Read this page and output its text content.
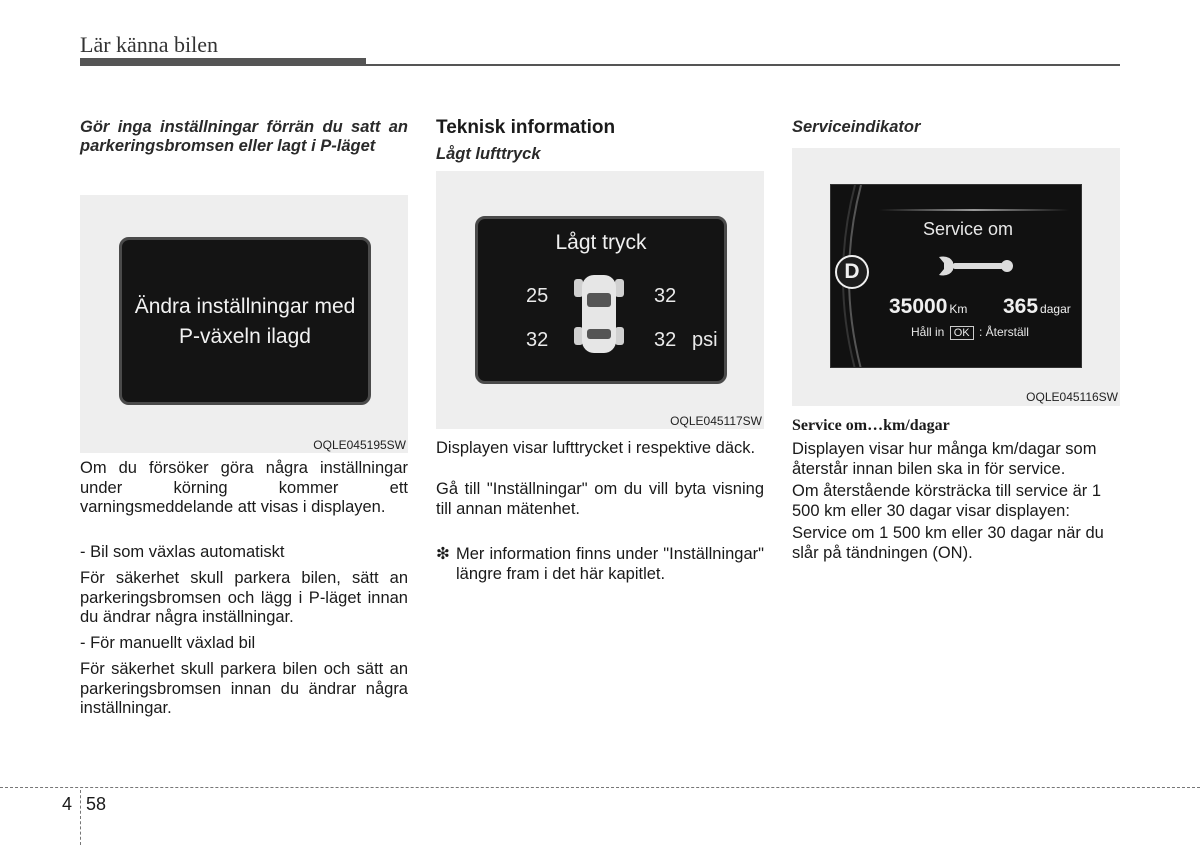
Lär känna bilen

Gör inga inställningar förrän du satt an parkeringsbromsen eller lagt i P-läget

Ändra inställningar med
P-växeln ilagd
OQLE045195SW

Om du försöker göra några inställningar under körning kommer ett varningsmeddelande att visas i displayen.

- Bil som växlas automatiskt

För säkerhet skull parkera bilen, sätt an parkeringsbromsen och lägg i P-läget innan du ändrar några inställningar.

- För manuellt växlad bil

För säkerhet skull parkera bilen och sätt an parkeringsbromsen innan du ändrar några inställningar.

Teknisk information
Lågt lufttryck
Lågt tryck
25	32
32	32 psi
OQLE045117SW

Displayen visar lufttrycket i respektive däck.

Gå till "Inställningar" om du vill byta visning till annan mätenhet.

❇ Mer information finns under "Inställningar" längre fram i det här kapitlet.

Serviceindikator
D
Service om
35000 Km 365 dagar
Håll in OK : Återställ
OQLE045116SW
Service om…km/dagar

Displayen visar hur många km/dagar som återstår innan bilen ska in för service.

Om återstående körsträcka till service är 1 500 km eller 30 dagar visar displayen:

Service om 1 500 km eller 30 dagar när du slår på tändningen (ON).

4 58
